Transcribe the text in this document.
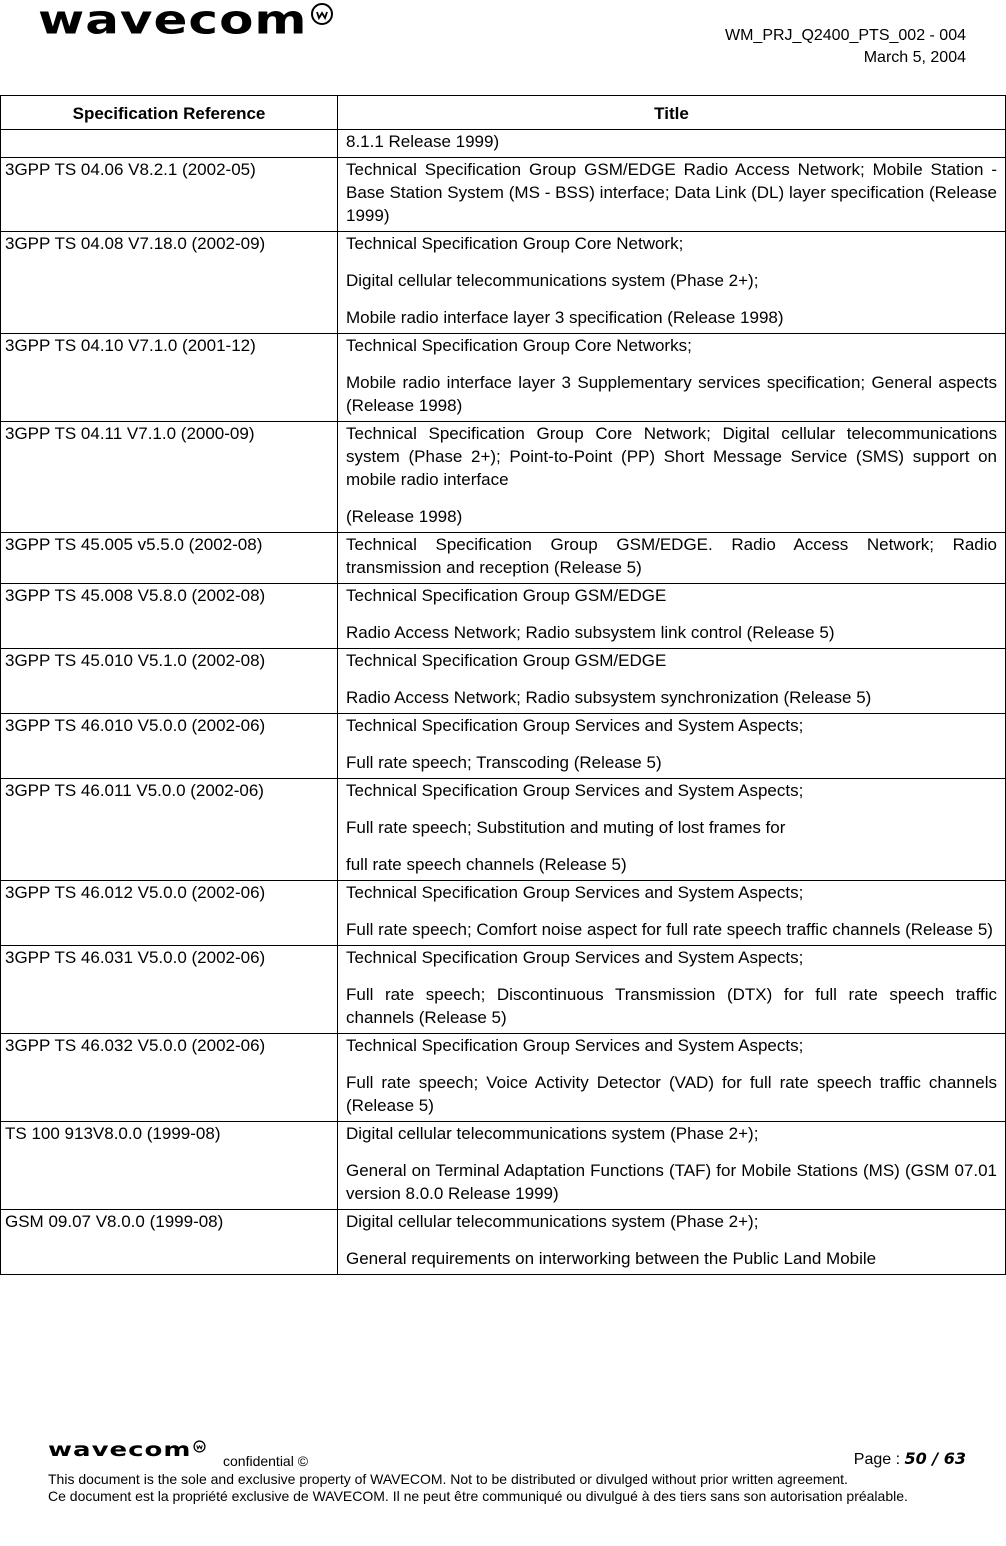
wavecom	WM_PRJ_Q2400_PTS_002 - 004
March 5, 2004
Specification Reference	Title

	8.1.1 Release 1999)

3GPP TS 04.06 V8.2.1 (2002-05)	Technical Specification Group GSM/EDGE Radio Access Network; Mobile Station - Base Station System (MS - BSS) interface; Data Link (DL) layer specification (Release 1999)

3GPP TS 04.08 V7.18.0 (2002-09)	Technical Specification Group Core Network;

Digital cellular telecommunications system (Phase 2+);

Mobile radio interface layer 3 specification (Release 1998)

3GPP TS 04.10 V7.1.0 (2001-12)	Technical Specification Group Core Networks;

Mobile radio interface layer 3 Supplementary services specification; General aspects (Release 1998)

3GPP TS 04.11 V7.1.0 (2000-09)	Technical Specification Group Core Network; Digital cellular telecommunications system (Phase 2+); Point-to-Point (PP) Short Message Service (SMS) support on mobile radio interface

(Release 1998)

3GPP TS 45.005 v5.5.0 (2002-08)	Technical Specification Group GSM/EDGE. Radio Access Network; Radio transmission and reception (Release 5)

3GPP TS 45.008 V5.8.0 (2002-08)	Technical Specification Group GSM/EDGE

Radio Access Network; Radio subsystem link control (Release 5)

3GPP TS 45.010 V5.1.0 (2002-08)	Technical Specification Group GSM/EDGE

Radio Access Network; Radio subsystem synchronization (Release 5)

3GPP TS 46.010 V5.0.0 (2002-06)	Technical Specification Group Services and System Aspects;

Full rate speech; Transcoding (Release 5)

3GPP TS 46.011 V5.0.0 (2002-06)	Technical Specification Group Services and System Aspects;

Full rate speech; Substitution and muting of lost frames for

full rate speech channels (Release 5)

3GPP TS 46.012 V5.0.0 (2002-06)	Technical Specification Group Services and System Aspects;

Full rate speech; Comfort noise aspect for full rate speech traffic channels (Release 5)

3GPP TS 46.031 V5.0.0 (2002-06)	Technical Specification Group Services and System Aspects;

Full rate speech; Discontinuous Transmission (DTX) for full rate speech traffic channels (Release 5)

3GPP TS 46.032 V5.0.0 (2002-06)	Technical Specification Group Services and System Aspects;

Full rate speech; Voice Activity Detector (VAD) for full rate speech traffic channels (Release 5)

TS 100 913V8.0.0 (1999-08)	Digital cellular telecommunications system (Phase 2+);

General on Terminal Adaptation Functions (TAF) for Mobile Stations (MS) (GSM 07.01 version 8.0.0 Release 1999)

GSM 09.07 V8.0.0 (1999-08)	Digital cellular telecommunications system (Phase 2+);

General requirements on interworking between the Public Land Mobile

wavecom confidential ©	Page : 50 / 63

This document is the sole and exclusive property of WAVECOM. Not to be distributed or divulged without prior written agreement.

Ce document est la propriété exclusive de WAVECOM. Il ne peut être communiqué ou divulgué à des tiers sans son autorisation préalable.
